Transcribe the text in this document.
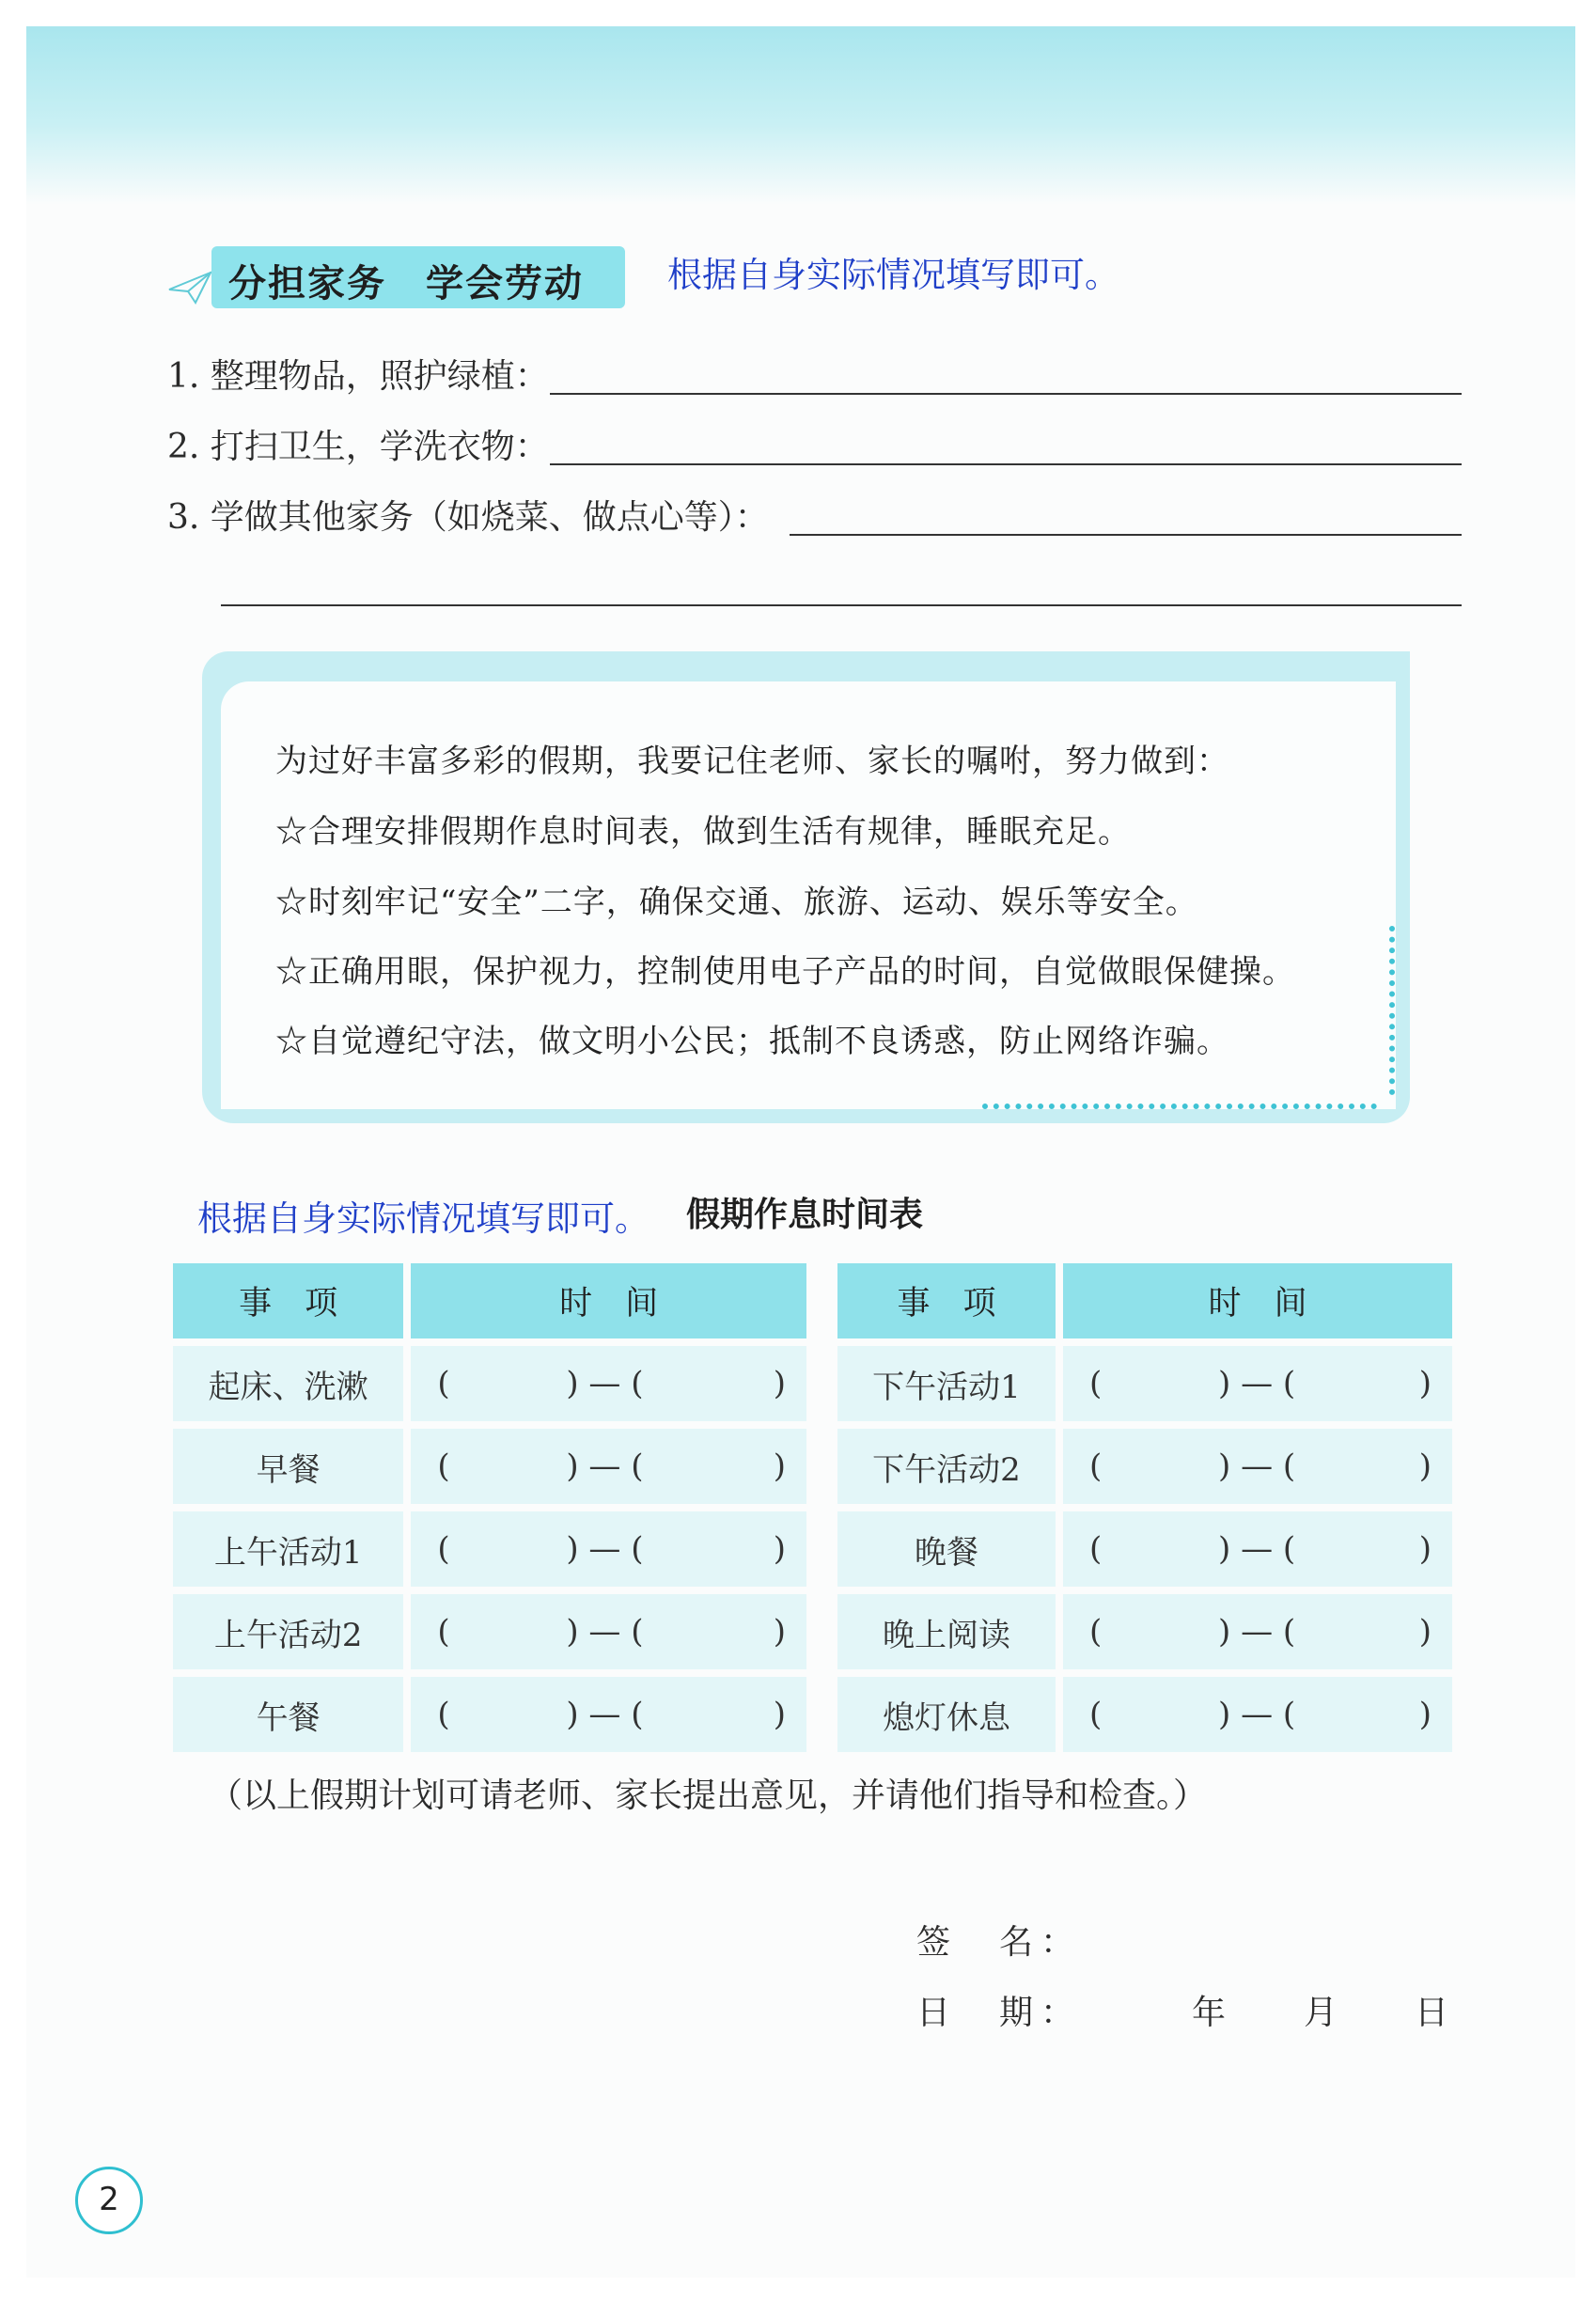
分担家务　学会劳动 根据自身实际情况填写即可。
1. 整理物品，照护绿植：
2. 打扫卫生，学洗衣物：
3. 学做其他家务（如烧菜、做点心等）：
为过好丰富多彩的假期，我要记住老师、家长的嘱咐，努力做到：
☆合理安排假期作息时间表，做到生活有规律，睡眠充足。
☆时刻牢记“安全”二字，确保交通、旅游、运动、娱乐等安全。
☆正确用眼，保护视力，控制使用电子产品的时间，自觉做眼保健操。
☆自觉遵纪守法，做文明小公民；抵制不良诱惑，防止网络诈骗。
根据自身实际情况填写即可。 假期作息时间表
事　项	时　间
起床、洗漱	( ) — ( )

早餐	( ) — ( )

上午活动1	( ) — ( )

上午活动2	( ) — ( )

午餐	( ) — ( )
事　项	时　间
下午活动1	( ) — ( )

下午活动2	( ) — ( )

晚餐	( ) — ( )

晚上阅读	( ) — ( )

熄灯休息	( ) — ( )
（以上假期计划可请老师、家长提出意见，并请他们指导和检查。）
签　名：
日　期：	年 月 日
2
